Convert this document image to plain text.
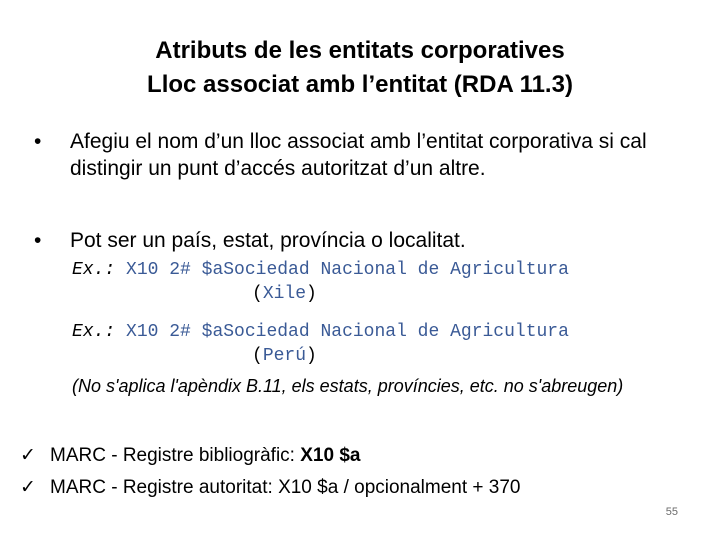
Atributs de les entitats corporatives
Lloc associat amb l’entitat (RDA 11.3)
•	Afegiu el nom d’un lloc associat amb l’entitat corporativa si cal distingir un punt d’accés autoritzat d’un altre.
•	Pot ser un país, estat, província o localitat.
Ex.: X10 2# $aSociedad Nacional de Agricultura
(Xile)
Ex.: X10 2# $aSociedad Nacional de Agricultura
(Perú)
(No s'aplica l'apèndix B.11, els estats, províncies, etc. no s'abreugen)
✓ MARC - Registre bibliogràfic: X10 $a
✓ MARC - Registre autoritat: X10 $a / opcionalment + 370
55
